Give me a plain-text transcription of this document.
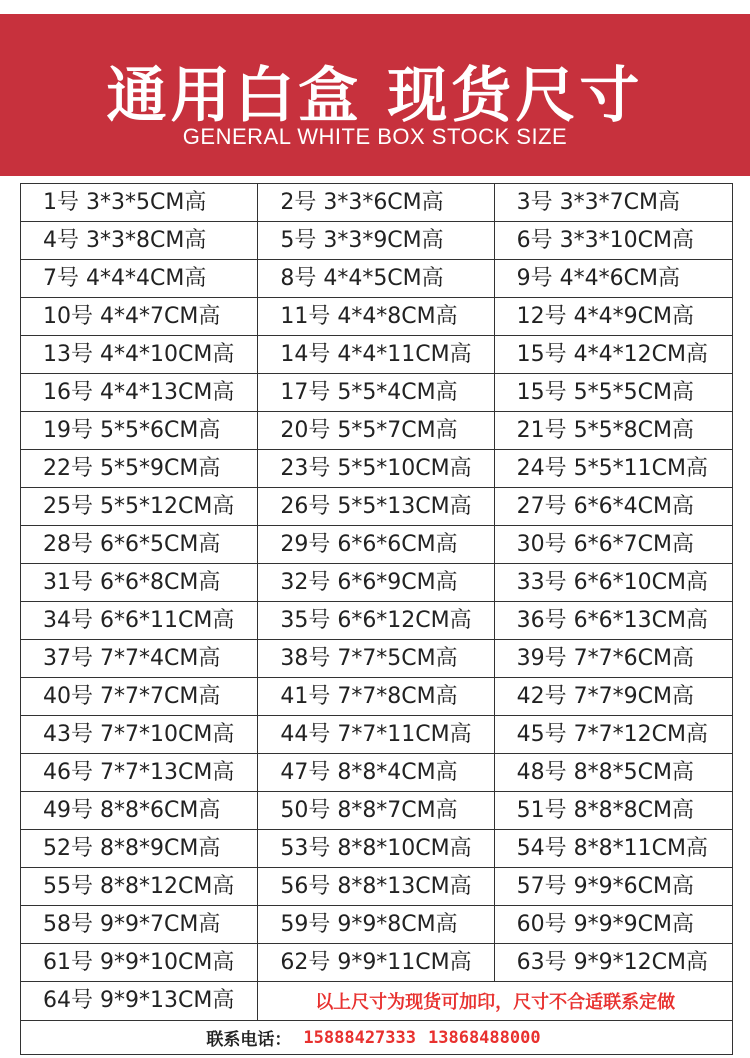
通用白盒 现货尺寸
GENERAL WHITE BOX STOCK SIZE
1号 3*3*5CM高	2号 3*3*6CM高	3号 3*3*7CM高
4号 3*3*8CM高	5号 3*3*9CM高	6号 3*3*10CM高
7号 4*4*4CM高	8号 4*4*5CM高	9号 4*4*6CM高
10号 4*4*7CM高	11号 4*4*8CM高	12号 4*4*9CM高
13号 4*4*10CM高	14号 4*4*11CM高	15号 4*4*12CM高
16号 4*4*13CM高	17号 5*5*4CM高	15号 5*5*5CM高
19号 5*5*6CM高	20号 5*5*7CM高	21号 5*5*8CM高
22号 5*5*9CM高	23号 5*5*10CM高	24号 5*5*11CM高
25号 5*5*12CM高	26号 5*5*13CM高	27号 6*6*4CM高
28号 6*6*5CM高	29号 6*6*6CM高	30号 6*6*7CM高
31号 6*6*8CM高	32号 6*6*9CM高	33号 6*6*10CM高
34号 6*6*11CM高	35号 6*6*12CM高	36号 6*6*13CM高
37号 7*7*4CM高	38号 7*7*5CM高	39号 7*7*6CM高
40号 7*7*7CM高	41号 7*7*8CM高	42号 7*7*9CM高
43号 7*7*10CM高	44号 7*7*11CM高	45号 7*7*12CM高
46号 7*7*13CM高	47号 8*8*4CM高	48号 8*8*5CM高
49号 8*8*6CM高	50号 8*8*7CM高	51号 8*8*8CM高
52号 8*8*9CM高	53号 8*8*10CM高	54号 8*8*11CM高
55号 8*8*12CM高	56号 8*8*13CM高	57号 9*9*6CM高
58号 9*9*7CM高	59号 9*9*8CM高	60号 9*9*9CM高
61号 9*9*10CM高	62号 9*9*11CM高	63号 9*9*12CM高
64号 9*9*13CM高	以上尺寸为现货可加印，尺寸不合适联系定做
联系电话： 15888427333 13868488000
